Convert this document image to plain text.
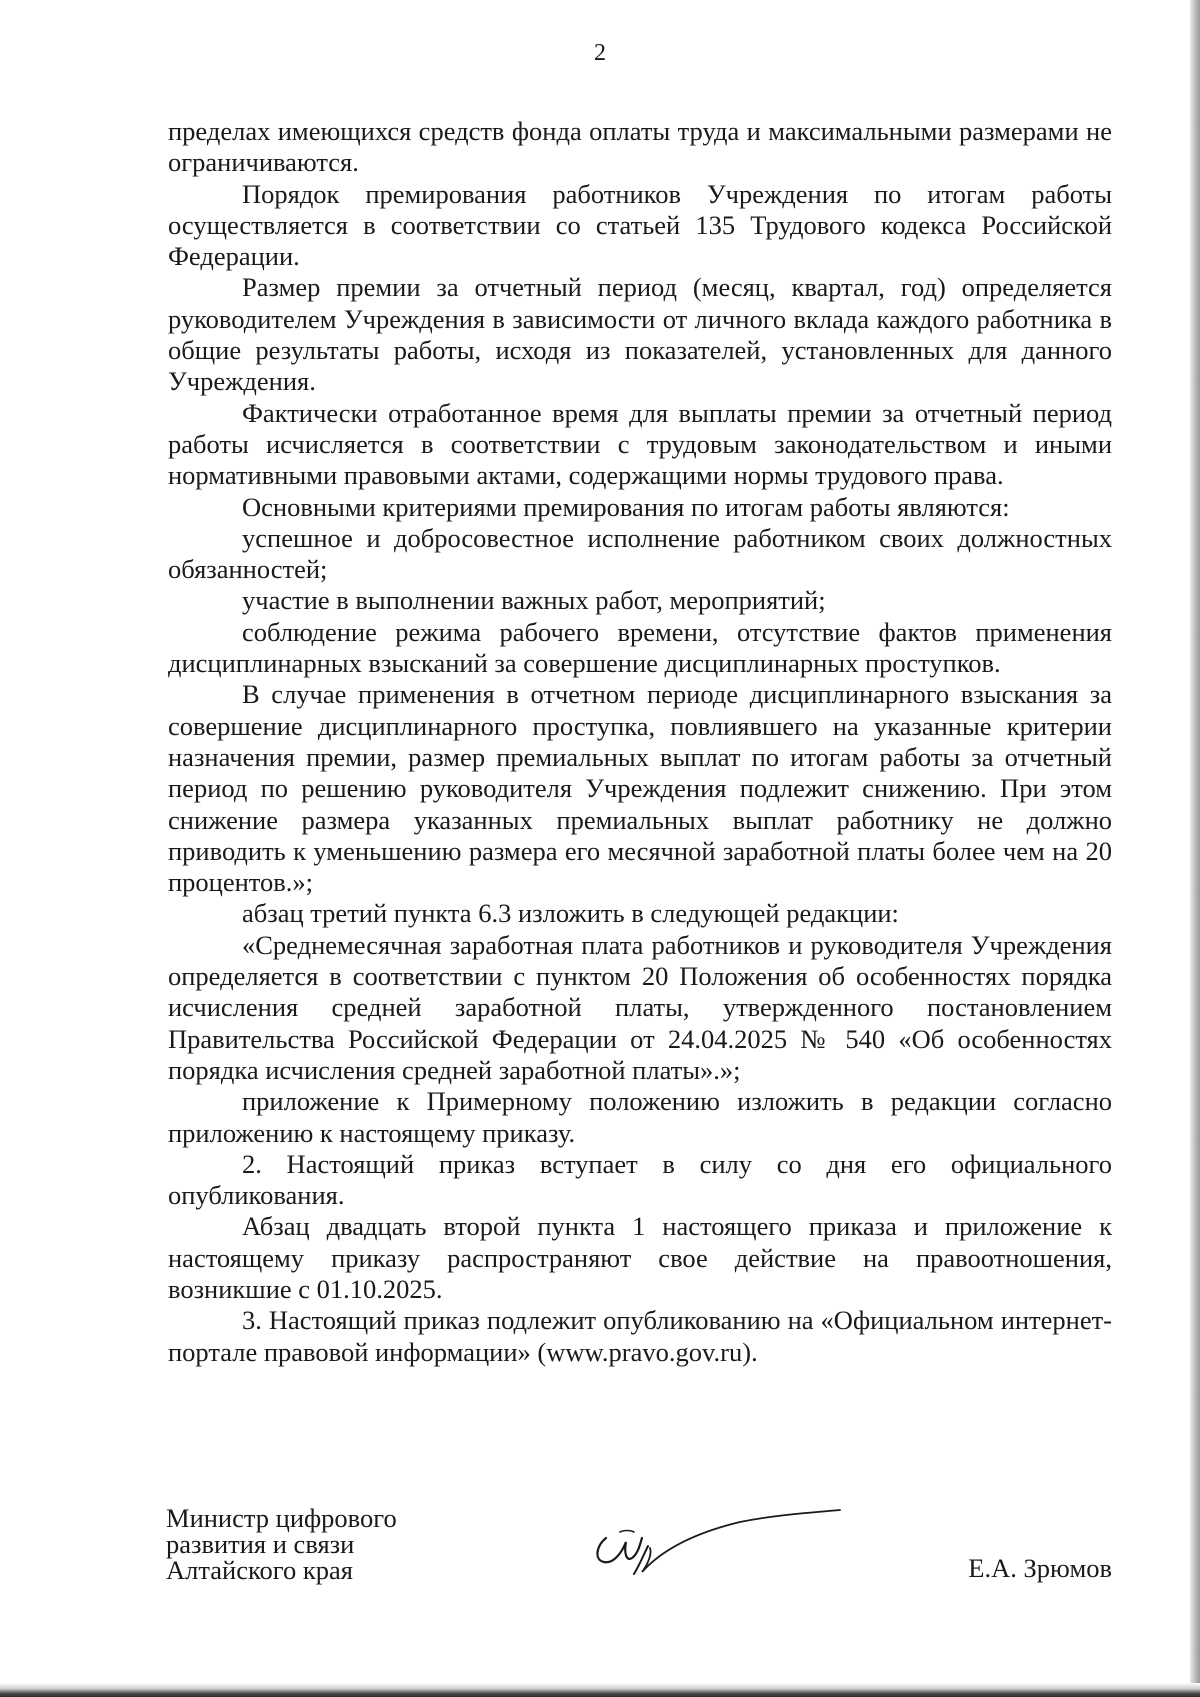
2

пределах имеющихся средств фонда оплаты труда и максимальными размерами не ограничиваются.

Порядок премирования работников Учреждения по итогам работы осуществляется в соответствии со статьей 135 Трудового кодекса Российской Федерации.

Размер премии за отчетный период (месяц, квартал, год) определяется руководителем Учреждения в зависимости от личного вклада каждого работника в общие результаты работы, исходя из показателей, установленных для данного Учреждения.

Фактически отработанное время для выплаты премии за отчетный период работы исчисляется в соответствии с трудовым законодательством и иными нормативными правовыми актами, содержащими нормы трудового права.

Основными критериями премирования по итогам работы являются:

успешное и добросовестное исполнение работником своих должностных обязанностей;

участие в выполнении важных работ, мероприятий;

соблюдение режима рабочего времени, отсутствие фактов применения дисциплинарных взысканий за совершение дисциплинарных проступков.

В случае применения в отчетном периоде дисциплинарного взыскания за совершение дисциплинарного проступка, повлиявшего на указанные критерии назначения премии, размер премиальных выплат по итогам работы за отчетный период по решению руководителя Учреждения подлежит снижению. При этом снижение размера указанных премиальных выплат работнику не должно приводить к уменьшению размера его месячной заработной платы более чем на 20 процентов.»;

абзац третий пункта 6.3 изложить в следующей редакции:

«Среднемесячная заработная плата работников и руководителя Учреждения определяется в соответствии с пунктом 20 Положения об особенностях порядка исчисления средней заработной платы, утвержденного постановлением Правительства Российской Федерации от 24.04.2025 № 540 «Об особенностях порядка исчисления средней заработной платы».»;

приложение к Примерному положению изложить в редакции согласно приложению к настоящему приказу.

2. Настоящий приказ вступает в силу со дня его официального опубликования.

Абзац двадцать второй пункта 1 настоящего приказа и приложение к настоящему приказу распространяют свое действие на правоотношения, возникшие с 01.10.2025.

3. Настоящий приказ подлежит опубликованию на «Официальном интернет-портале правовой информации» (www.pravo.gov.ru).

Министр цифрового
развития и связи
Алтайского края	Е.А. Зрюмов
